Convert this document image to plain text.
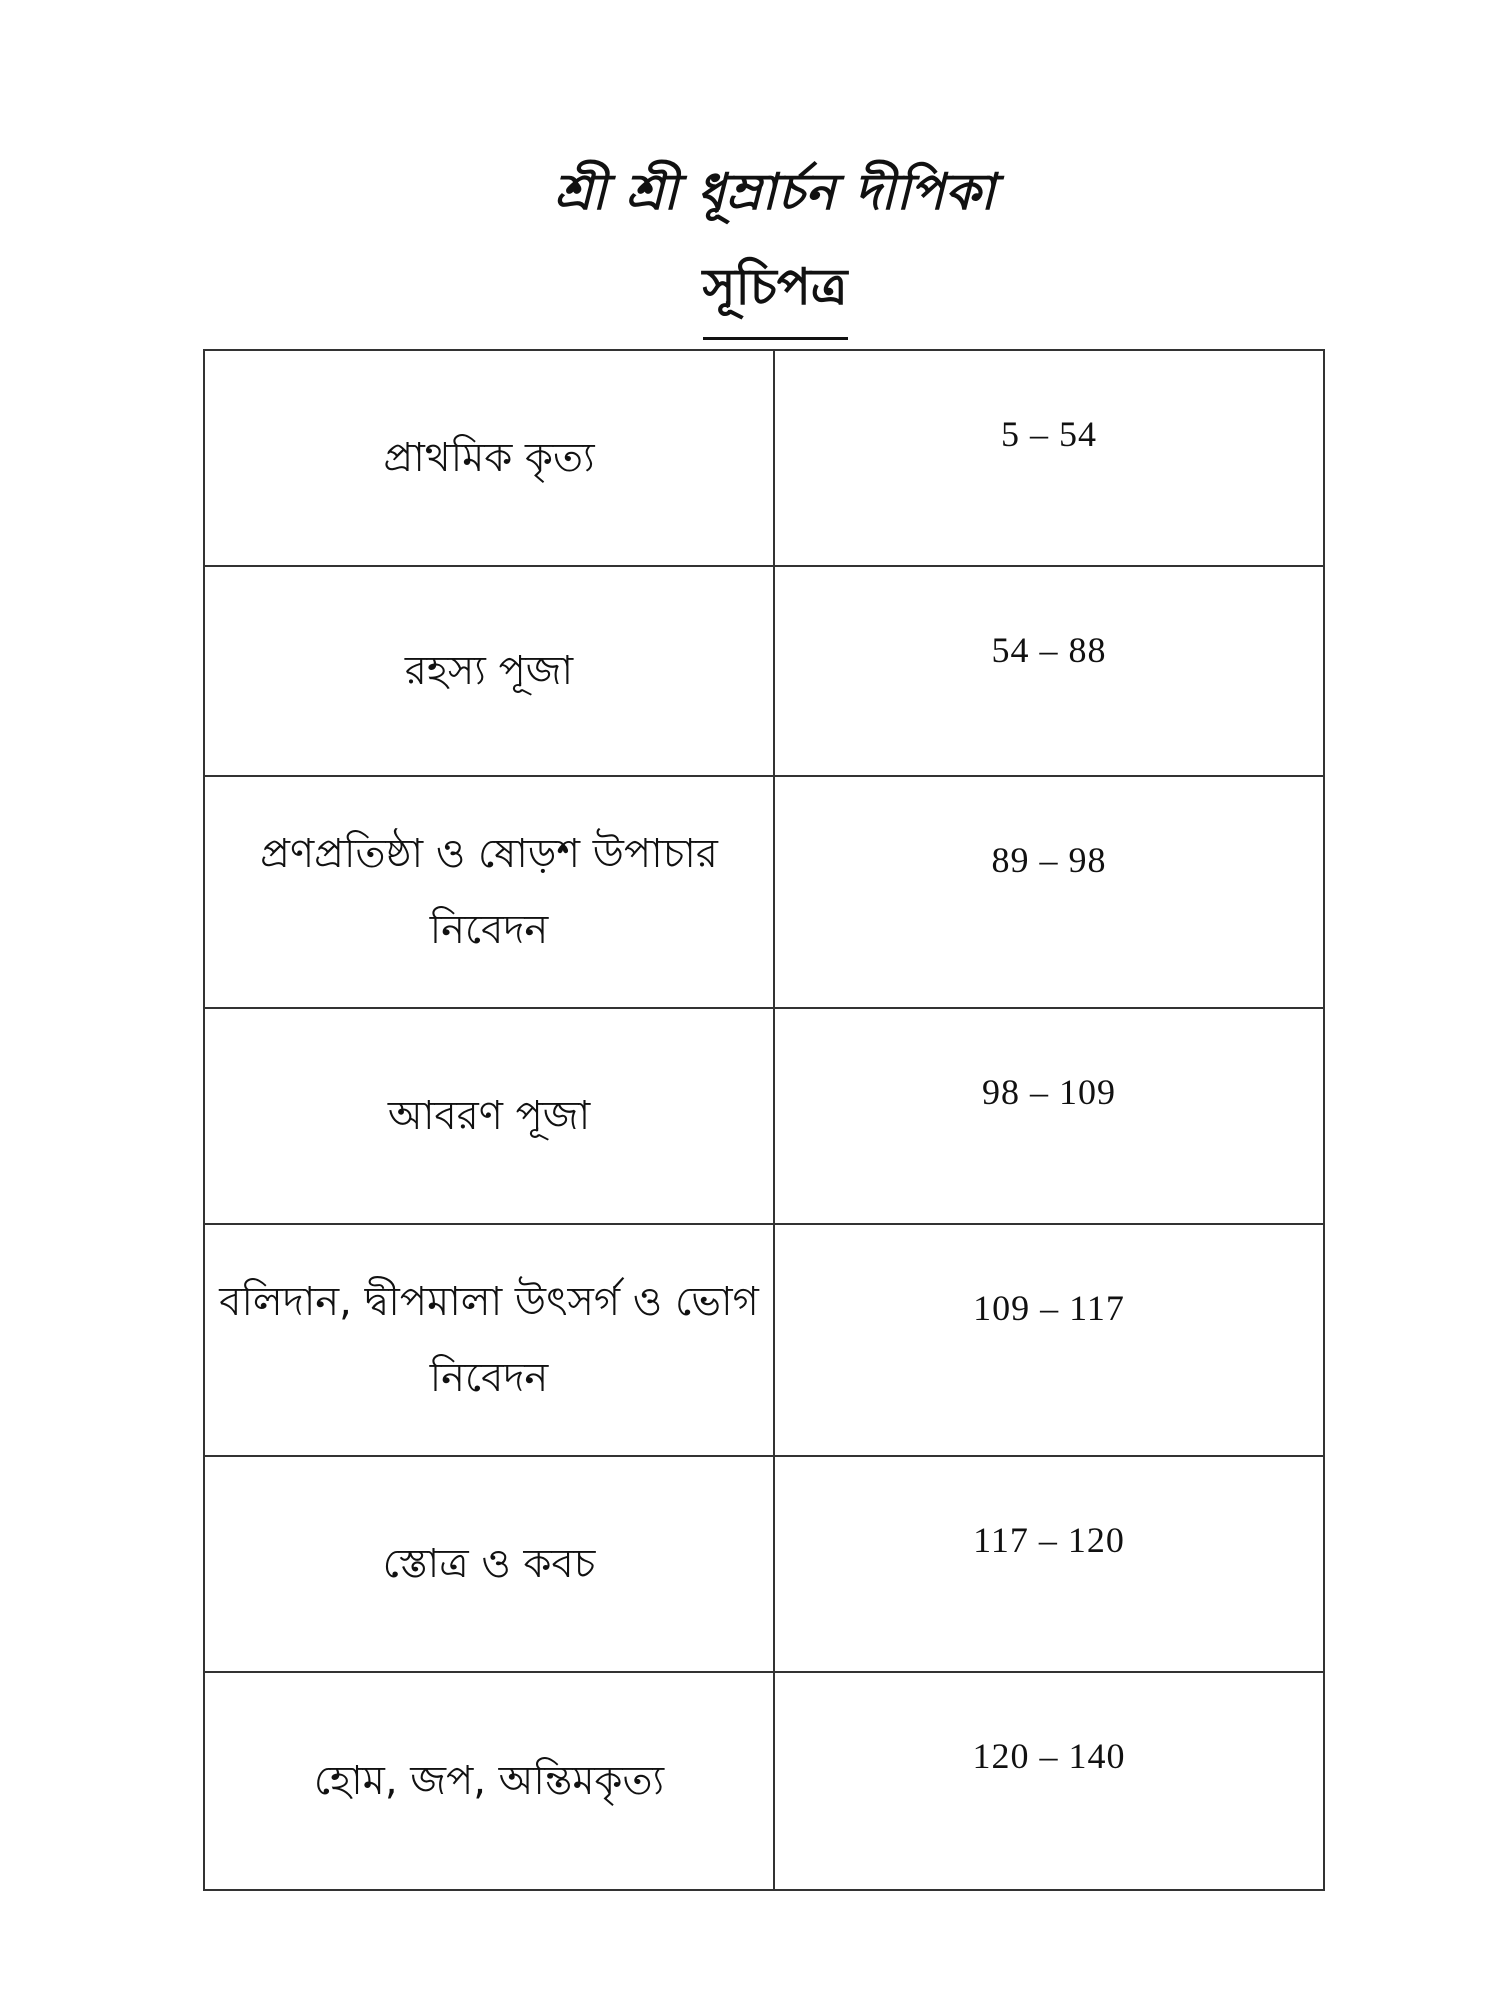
শ্রী শ্রী ধূম্রার্চন দীপিকা
সূচিপত্র
প্রাথমিক কৃত্য	5 – 54
রহস্য পূজা	54 – 88
প্রণপ্রতিষ্ঠা ও ষোড়শ উপাচার নিবেদন	89 – 98
আবরণ পূজা	98 – 109
বলিদান, দ্বীপমালা উৎসর্গ ও ভোগ নিবেদন	109 – 117
স্তোত্র ও কবচ	117 – 120
হোম, জপ, অন্তিমকৃত্য	120 – 140
